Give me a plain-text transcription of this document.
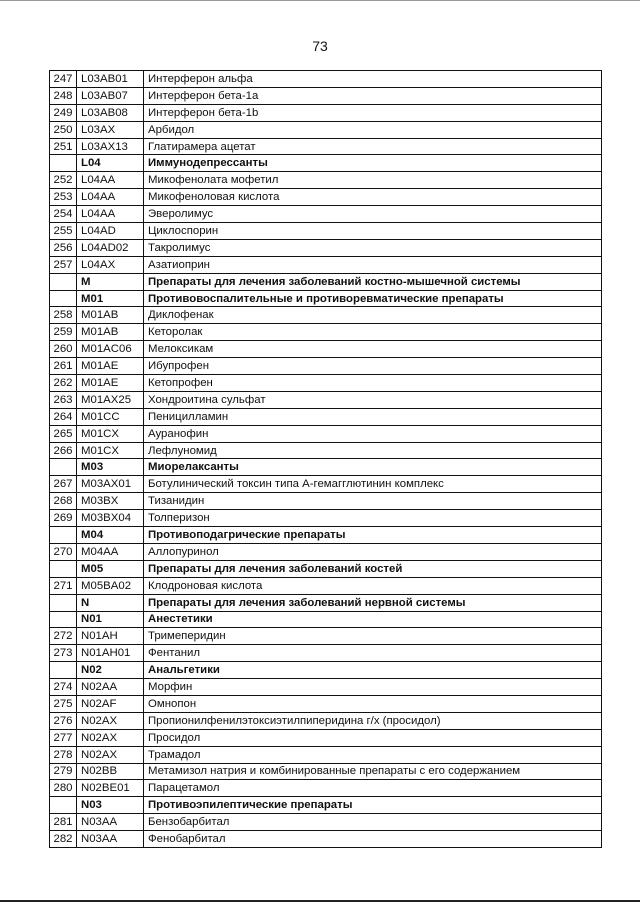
73
247	L03AB01	Интерферон альфа
248	L03AB07	Интерферон бета-1а
249	L03AB08	Интерферон бета-1b
250	L03AX	Арбидол
251	L03AX13	Глатирамера ацетат
	L04	Иммунодепрессанты
252	L04AA	Микофенолата мофетил
253	L04AA	Микофеноловая кислота
254	L04AA	Эверолимус
255	L04AD	Циклоспорин
256	L04AD02	Такролимус
257	L04AX	Азатиоприн
	M	Препараты для лечения заболеваний костно-мышечной системы
	M01	Противовоспалительные и противоревматические препараты
258	M01AB	Диклофенак
259	M01AB	Кеторолак
260	M01AC06	Мелоксикам
261	M01AE	Ибупрофен
262	M01AE	Кетопрофен
263	M01AX25	Хондроитина сульфат
264	M01CC	Пеницилламин
265	M01CX	Ауранофин
266	M01CX	Лефлуномид
	M03	Миорелаксанты
267	M03AX01	Ботулинический токсин типа А-гемагглютинин комплекс
268	M03BX	Тизанидин
269	M03BX04	Толперизон
	M04	Противоподагрические препараты
270	M04AA	Аллопуринол
	M05	Препараты для лечения заболеваний костей
271	M05BA02	Клодроновая кислота
	N	Препараты для лечения заболеваний нервной системы
	N01	Анестетики
272	N01AH	Тримеперидин
273	N01AH01	Фентанил
	N02	Анальгетики
274	N02AA	Морфин
275	N02AF	Омнопон
276	N02AX	Пропионилфенилэтоксиэтилпиперидина г/х (просидол)
277	N02AX	Просидол
278	N02AX	Трамадол
279	N02BB	Метамизол натрия и комбинированные препараты с его содержанием
280	N02BE01	Парацетамол
	N03	Противоэпилептические препараты
281	N03AA	Бензобарбитал
282	N03AA	Фенобарбитал
